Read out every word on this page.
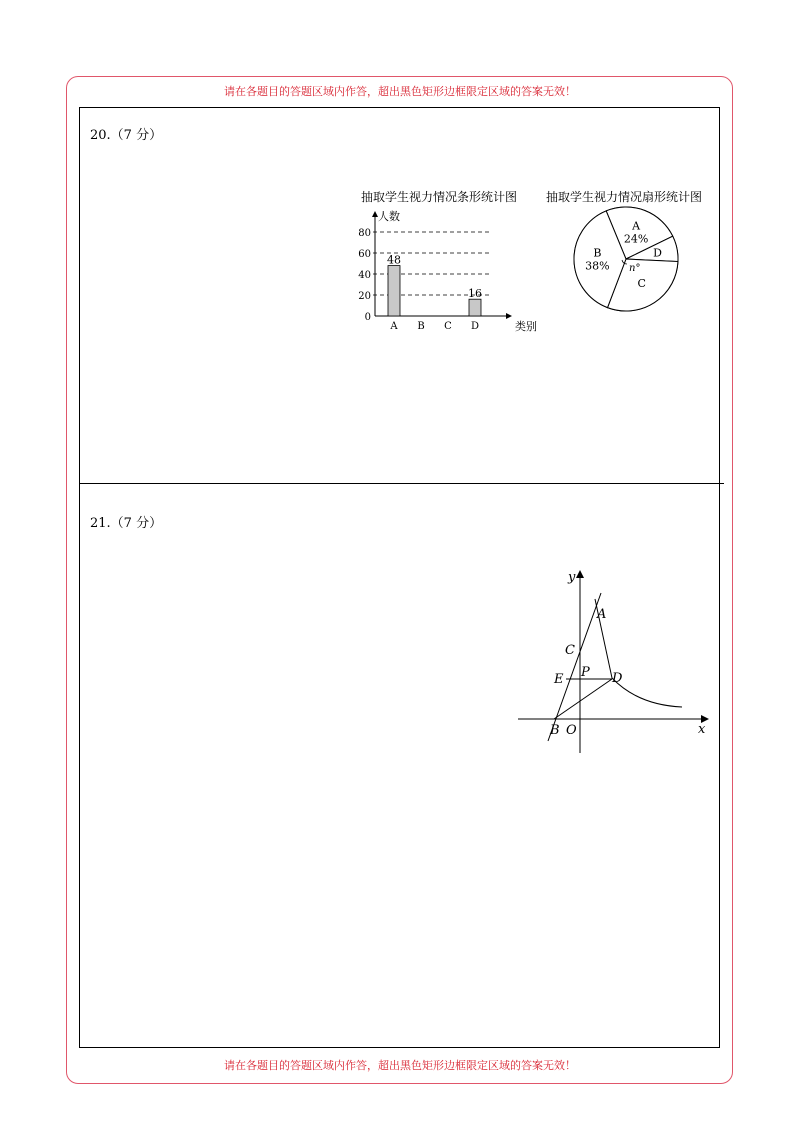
请在各题目的答题区域内作答，超出黑色矩形边框限定区域的答案无效！
20.（7 分）
抽取学生视力情况条形统计图
人数
类别
0
20
40
60
80
A
48
B C D
16
抽取学生视力情况扇形统计图
A
24%
D
C
B
38% n°
21.（7 分）
y
x
A
C
P D
E
B O
请在各题目的答题区域内作答，超出黑色矩形边框限定区域的答案无效！
